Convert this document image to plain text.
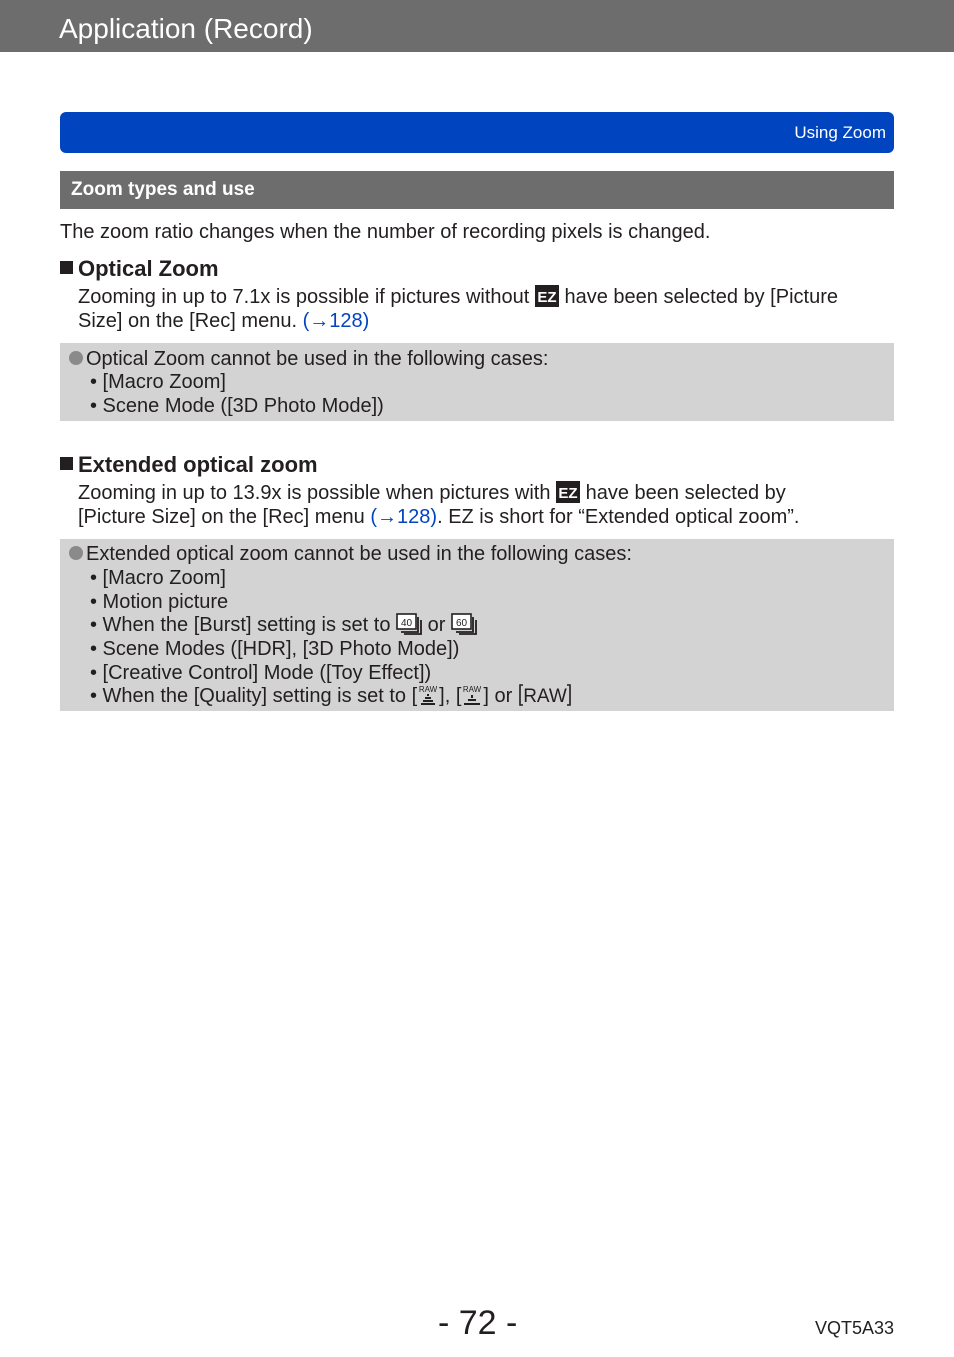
Application (Record)
Using Zoom
Zoom types and use
The zoom ratio changes when the number of recording pixels is changed.
Optical Zoom
Zooming in up to 7.1x is possible if pictures without EZ have been selected by [Picture
Size] on the [Rec] menu. (→128)
Optical Zoom cannot be used in the following cases:
• [Macro Zoom]
• Scene Mode ([3D Photo Mode])
Extended optical zoom
Zooming in up to 13.9x is possible when pictures with EZ have been selected by
[Picture Size] on the [Rec] menu (→128). EZ is short for “Extended optical zoom”.
Extended optical zoom cannot be used in the following cases:
• [Macro Zoom]
• Motion picture
• When the [Burst] setting is set to 40 or 60
• Scene Modes ([HDR], [3D Photo Mode])
• [Creative Control] Mode ([Toy Effect])
• When the [Quality] setting is set to [ RAW ], [ RAW ] or RAW
- 72 -	VQT5A33
